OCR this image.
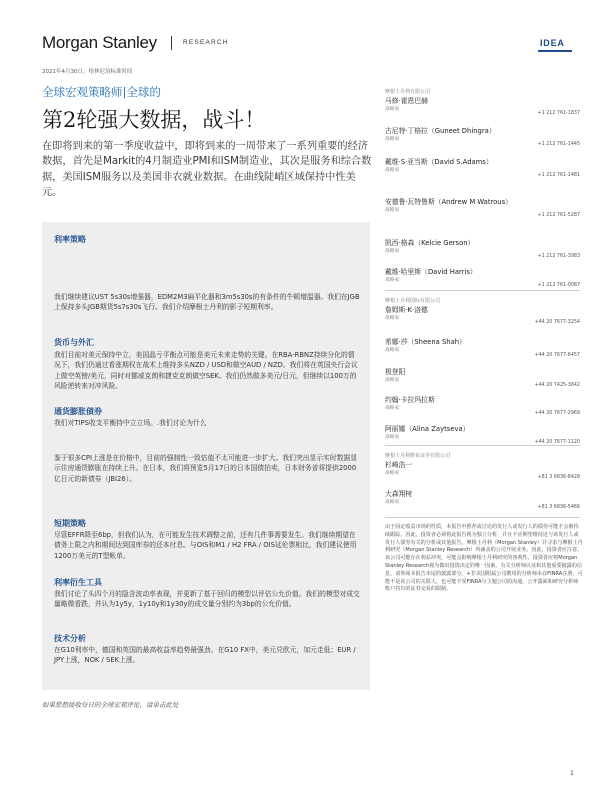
Morgan Stanley	RESEARCH	IDEA
2021年4月30日，格林尼治标准时间
全球宏观策略师|全球的
第2轮强大数据，战斗！
在即将到来的第一季度收益中，即将到来的一周带来了一系列重要的经济数据，首先是Markit的4月制造业PMI和ISM制造业，其次是服务和综合数据，美国ISM服务以及美国非农就业数据。在曲线陡峭区域保持中性美元。
利率策略
我们继续建议UST 5s30s增强器，EDM2M3扁平化器和3m5s30s的有条件的牛顿增温器。我们在JGB上保持多头JGB期货5s7s30s飞行。我们介绍摩根士丹利的影子短期利率。
货币与外汇
我们目前对美元保持中立，美国晶亏平衡点可能是美元未来走势的关键。在RBA-RBNZ持续分化的情况下，我们仍通过看涨期权在战术上维持多头NZD / USD和做空AUD / NZD。我们将在英国央行会议上做空英镑/美元，同时对挪威克朗和捷克克朗做空SEK。我们仍然做多美元/日元，但继续以100万的风险逆转来对冲风险。
通货膨胀债券
我们对TIPS收支平衡持中立立场。.我们讨论为什么
鉴于很多CPI上涨是在价格中，目前的强制性一致估值不太可能进一步扩大。我们突出显示实时数据显示住房通货膨胀在持续上升。在日本，我们将预览5月17日的日本国债拍卖，日本财务省将提供2000亿日元的新债券（JBI26）。
短期策略
尽管EFFR降至6bp，但我们认为，在可能发生技术调整之前，还有几件事需要发生。我们继续期望在债务上限之内和期间达到国库券的还本付息。与OIS和M1 / H2 FRA / OIS延伦票相比，我们建议使用1200万美元的T型帐单。
利率衍生工具
我们讨论了头四个月的隐含波动率表现，并更新了基于回归的模型以评估公允价值。我们的模型对成交量略微看跌，并认为1y5y，1y10y和1y30y的成交量分别约为3bp的公允价值。
技术分析
在G10利率中，德国和英国的最高收益率趋势最强劲。在G10 FX中，美元兑欧元，加元走低；EUR / JPY上涨，NOK / SEK上涨。
如果您想接收每日的全球宏观评论，请单击此处
摩根士丹利有限公司
马修·霍恩巴赫
战略家
+1 212 761-1837
古尼特·丁格拉（Guneet Dhingra）
战略家
+1 212 761-1445
戴维·S·亚当斯（David S.Adams）
战略家
+1 212 761-1481
安德鲁·瓦特鲁斯（Andrew M Watrous）
战略家
+1 212 761-5287
凯西·格森（Kelcie Gerson）
战略家
+1 212 761-3983
戴维·哈里斯（David Harris）
战略家
+1 212 761-0087
摩根士丹利国际有限公司
詹姆斯·K·洛德
战略家
+44 20 7677-3254
希娜·莎（Sheena Shah）
战略家
+44 20 7677-6457
极登阳
战略家
+44 20 7425-3842
约翰·卡拉玛拉斯
战略家
+44 20 7677-2969
阿丽娜（Alina Zaytseva）
战略家
+44 20 7677-1120
摩根士丹利维布证券有限公司
杉崎浩一
战略家
+81 3 6836-8428
大森翔树
战略家
+81 3 6836-5466
由于固定收益市场的性质，本报告中推荐或讨论的发行人或发行人的债券可能不会被持续跟踪。因此，投资者必须将此报告视为独立分析，并且不应期望维持这与该发行人或发行人债券有关的分析或其他报告。摩根士丹利（Morgan Stanley）并寻求与摩根士丹利研究（Morgan Stanley Research）所涵盖的公司开展业务。因此，投资者应注意，该公司可能存在利益冲突，可能会影响摩根士丹利研究的客观性。投资者应将Morgan Stanley Research视为做出投资决定的唯一因素。有关分析师认证和其他重要披露的信息，请参阅本报告末尾的披露部分。+非美国附属公司聘用的分析师未在FINRA注册，可能不是该公司的关联人，也可能不受FINRA与主题公司的沟通，公开露面和研究分析师账户持有的证券交易的限制。
1
